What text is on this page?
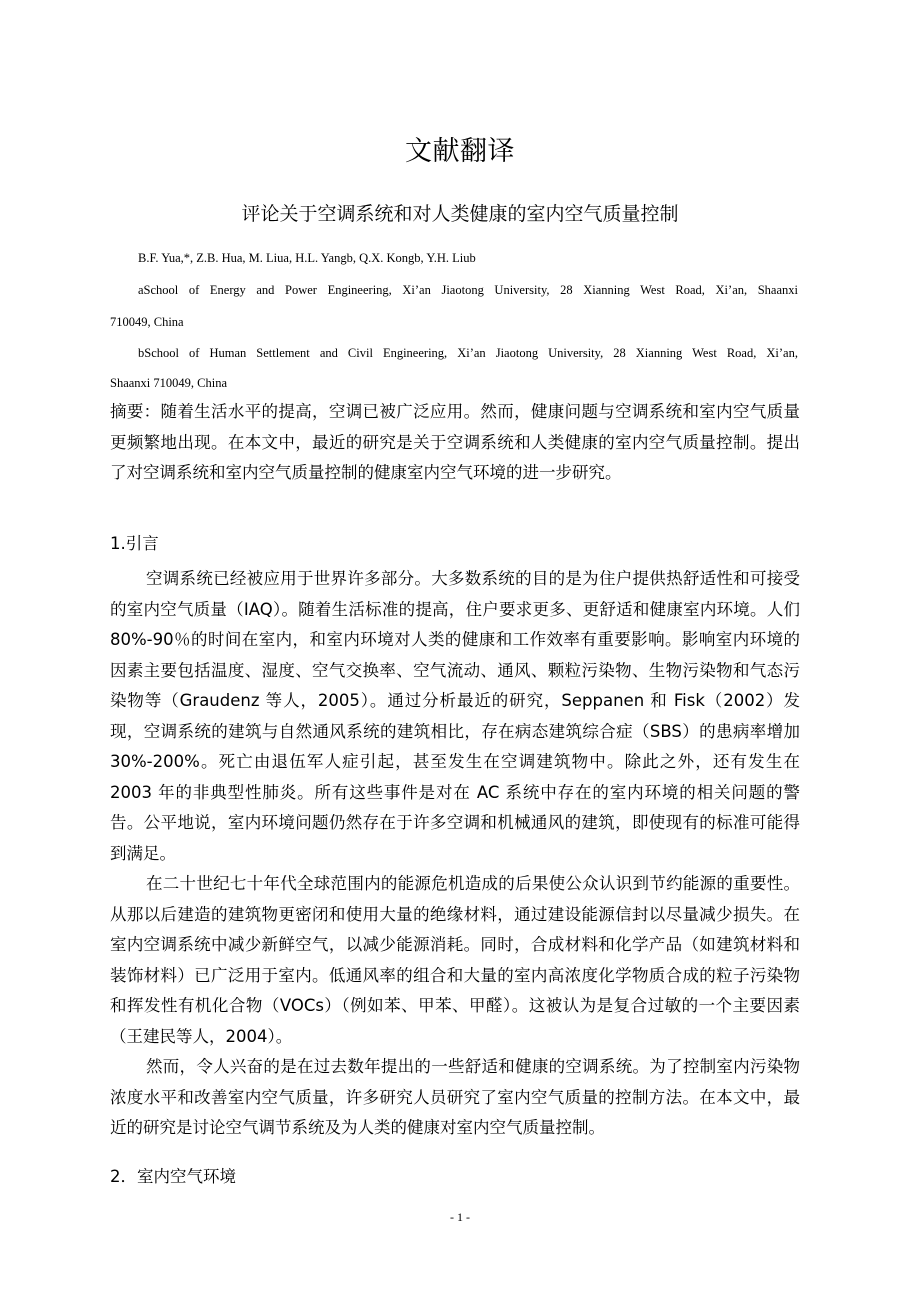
文献翻译
评论关于空调系统和对人类健康的室内空气质量控制
B.F. Yua,*, Z.B. Hua, M. Liua, H.L. Yangb, Q.X. Kongb, Y.H. Liub
aSchool of Energy and Power Engineering, Xi’an Jiaotong University, 28 Xianning West Road, Xi’an, Shaanxi
710049, China
bSchool of Human Settlement and Civil Engineering, Xi’an Jiaotong University, 28 Xianning West Road, Xi’an,
Shaanxi 710049, China
摘要：随着生活水平的提高，空调已被广泛应用。然而，健康问题与空调系统和室内空气质量更频繁地出现。在本文中，最近的研究是关于空调系统和人类健康的室内空气质量控制。提出了对空调系统和室内空气质量控制的健康室内空气环境的进一步研究。
1.引言
空调系统已经被应用于世界许多部分。大多数系统的目的是为住户提供热舒适性和可接受的室内空气质量（IAQ）。随着生活标准的提高，住户要求更多、更舒适和健康室内环境。人们 80%-90％的时间在室内，和室内环境对人类的健康和工作效率有重要影响。影响室内环境的因素主要包括温度、湿度、空气交换率、空气流动、通风、颗粒污染物、生物污染物和气态污染物等（Graudenz 等人，2005）。通过分析最近的研究，Seppanen 和 Fisk（2002）发现，空调系统的建筑与自然通风系统的建筑相比，存在病态建筑综合症（SBS）的患病率增加 30%-200%。死亡由退伍军人症引起，甚至发生在空调建筑物中。除此之外，还有发生在 2003 年的非典型性肺炎。所有这些事件是对在 AC 系统中存在的室内环境的相关问题的警告。公平地说，室内环境问题仍然存在于许多空调和机械通风的建筑，即使现有的标准可能得到满足。
在二十世纪七十年代全球范围内的能源危机造成的后果使公众认识到节约能源的重要性。从那以后建造的建筑物更密闭和使用大量的绝缘材料，通过建设能源信封以尽量减少损失。在室内空调系统中减少新鲜空气，以减少能源消耗。同时，合成材料和化学产品（如建筑材料和装饰材料）已广泛用于室内。低通风率的组合和大量的室内高浓度化学物质合成的粒子污染物和挥发性有机化合物（VOCs）（例如苯、甲苯、甲醛）。这被认为是复合过敏的一个主要因素（王建民等人，2004）。
然而，令人兴奋的是在过去数年提出的一些舒适和健康的空调系统。为了控制室内污染物浓度水平和改善室内空气质量，许多研究人员研究了室内空气质量的控制方法。在本文中，最近的研究是讨论空气调节系统及为人类的健康对室内空气质量控制。
2．室内空气环境
- 1 -
